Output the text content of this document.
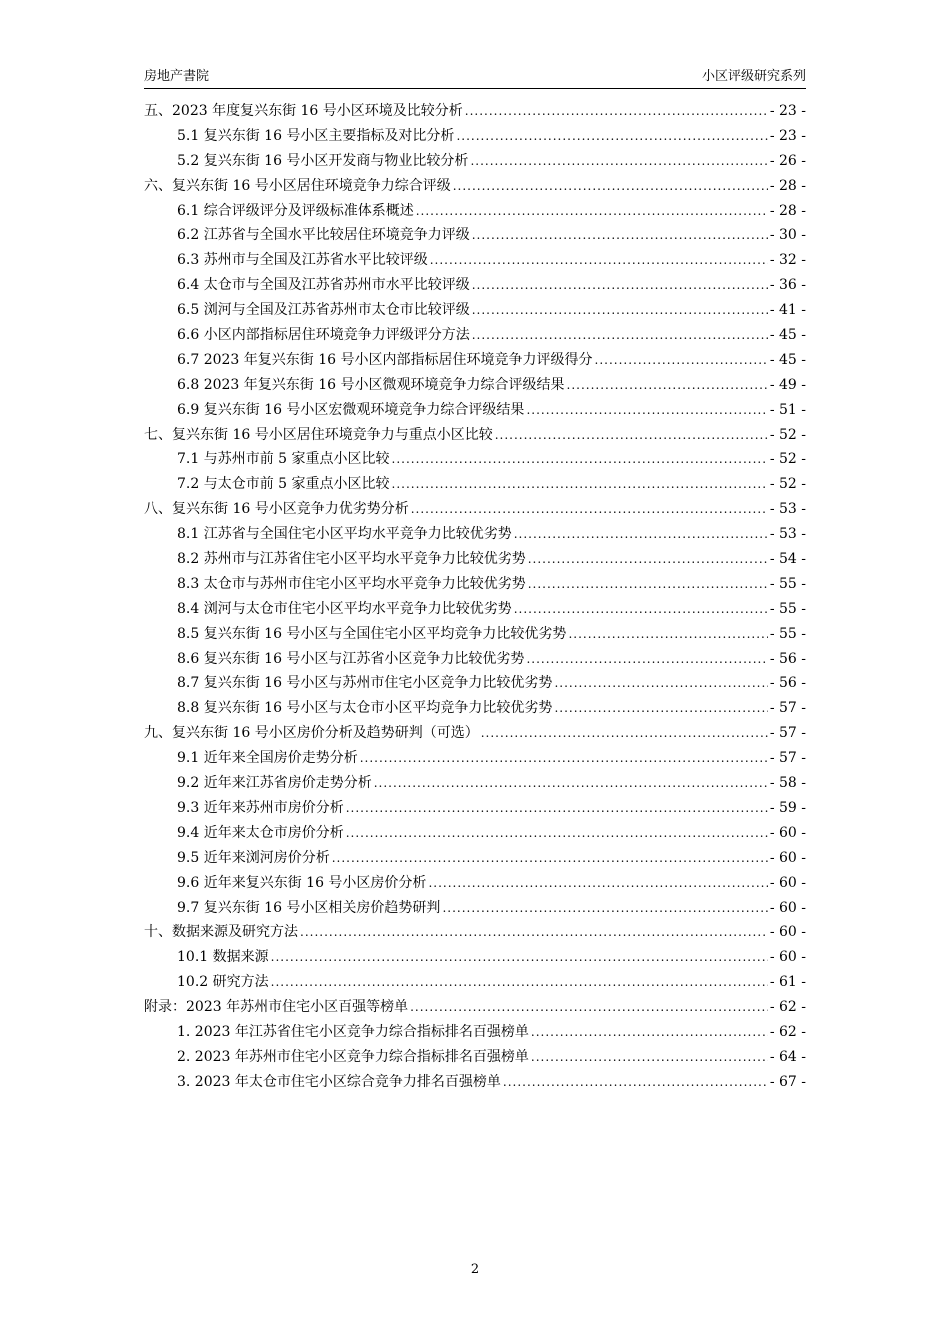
房地产書院	小区评级研究系列
五、2023 年度复兴东街 16 号小区环境及比较分析 .....	- 23 -
5.1 复兴东街 16 号小区主要指标及对比分析 .....	- 23 -
5.2 复兴东街 16 号小区开发商与物业比较分析 .....	- 26 -
六、复兴东街 16 号小区居住环境竞争力综合评级 .....	- 28 -
6.1 综合评级评分及评级标准体系概述 .....	- 28 -
6.2 江苏省与全国水平比较居住环境竞争力评级 .....	- 30 -
6.3 苏州市与全国及江苏省水平比较评级 .....	- 32 -
6.4 太仓市与全国及江苏省苏州市水平比较评级 .....	- 36 -
6.5 浏河与全国及江苏省苏州市太仓市比较评级 .....	- 41 -
6.6 小区内部指标居住环境竞争力评级评分方法 .....	- 45 -
6.7 2023 年复兴东街 16 号小区内部指标居住环境竞争力评级得分 .....	- 45 -
6.8 2023 年复兴东街 16 号小区微观环境竞争力综合评级结果 .....	- 49 -
6.9 复兴东街 16 号小区宏微观环境竞争力综合评级结果 .....	- 51 -
七、复兴东街 16 号小区居住环境竞争力与重点小区比较 .....	- 52 -
7.1 与苏州市前 5 家重点小区比较 .....	- 52 -
7.2 与太仓市前 5 家重点小区比较 .....	- 52 -
八、复兴东街 16 号小区竞争力优劣势分析 .....	- 53 -
8.1 江苏省与全国住宅小区平均水平竞争力比较优劣势 .....	- 53 -
8.2 苏州市与江苏省住宅小区平均水平竞争力比较优劣势 .....	- 54 -
8.3 太仓市与苏州市住宅小区平均水平竞争力比较优劣势 .....	- 55 -
8.4 浏河与太仓市住宅小区平均水平竞争力比较优劣势 .....	- 55 -
8.5 复兴东街 16 号小区与全国住宅小区平均竞争力比较优劣势 .....	- 55 -
8.6 复兴东街 16 号小区与江苏省小区竞争力比较优劣势 .....	- 56 -
8.7 复兴东街 16 号小区与苏州市住宅小区竞争力比较优劣势 .....	- 56 -
8.8 复兴东街 16 号小区与太仓市小区平均竞争力比较优劣势 .....	- 57 -
九、复兴东街 16 号小区房价分析及趋势研判（可选） .....	- 57 -
9.1 近年来全国房价走势分析 .....	- 57 -
9.2 近年来江苏省房价走势分析 .....	- 58 -
9.3 近年来苏州市房价分析 .....	- 59 -
9.4 近年来太仓市房价分析 .....	- 60 -
9.5 近年来浏河房价分析 .....	- 60 -
9.6 近年来复兴东街 16 号小区房价分析 .....	- 60 -
9.7 复兴东街 16 号小区相关房价趋势研判 .....	- 60 -
十、数据来源及研究方法 .....	- 60 -
10.1 数据来源 .....	- 60 -
10.2 研究方法 .....	- 61 -
附录：2023 年苏州市住宅小区百强等榜单 .....	- 62 -
1. 2023 年江苏省住宅小区竞争力综合指标排名百强榜单 .....	- 62 -
2. 2023 年苏州市住宅小区竞争力综合指标排名百强榜单 .....	- 64 -
3. 2023 年太仓市住宅小区综合竞争力排名百强榜单 .....	- 67 -
2
